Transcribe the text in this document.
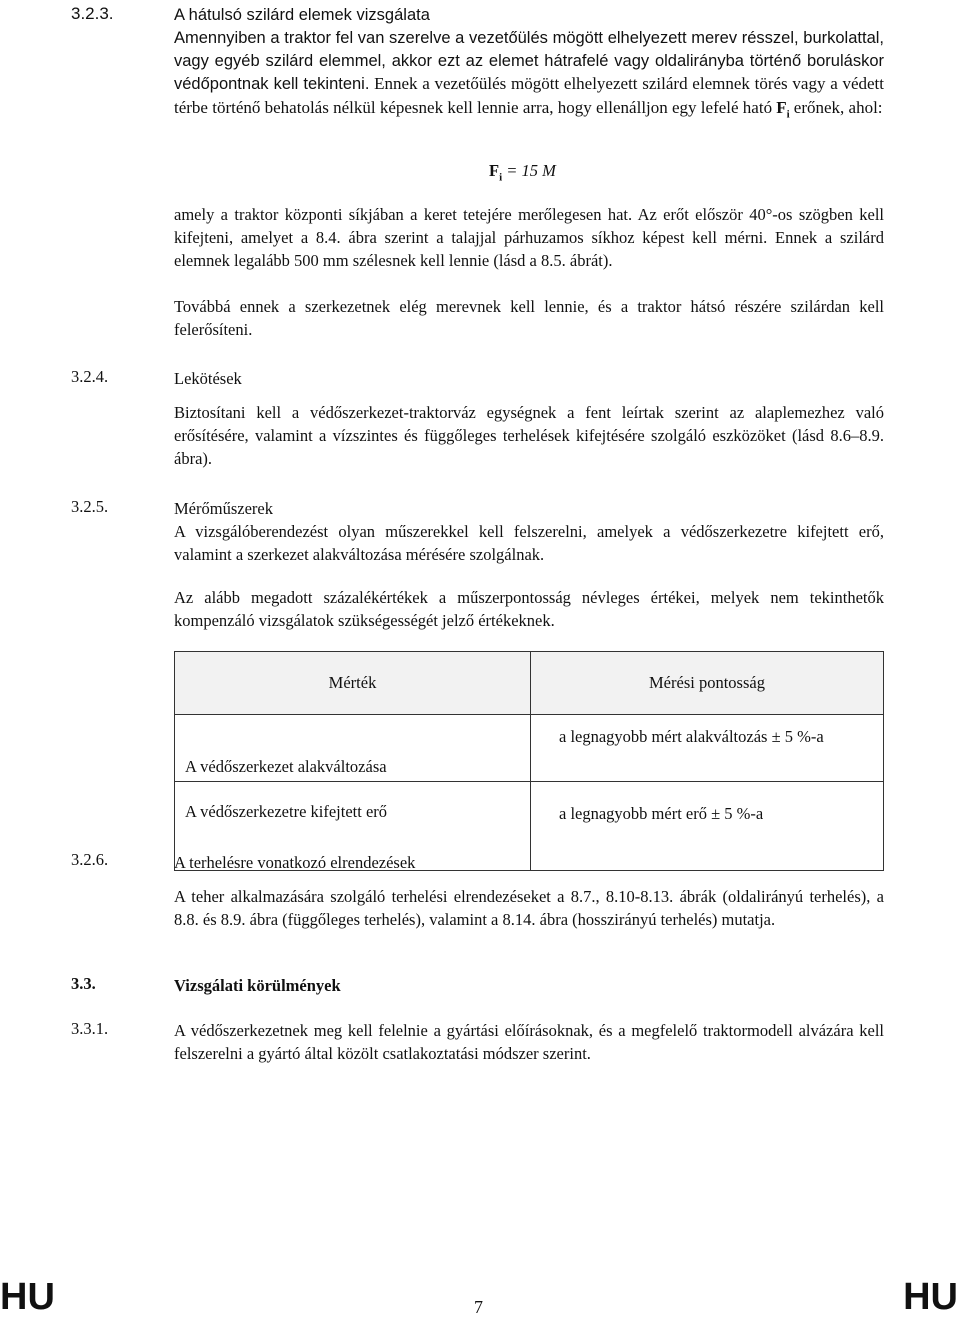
3.2.3.	A hátulsó szilárd elemek vizsgálata
Amennyiben a traktor fel van szerelve a vezetőülés mögött elhelyezett merev résszel, burkolattal, vagy egyéb szilárd elemmel, akkor ezt az elemet hátrafelé vagy oldalirányba történő boruláskor védőpontnak kell tekinteni. Ennek a vezetőülés mögött elhelyezett szilárd elemnek törés vagy a védett térbe történő behatolás nélkül képesnek kell lennie arra, hogy ellenálljon egy lefelé ható $F_i$ erőnek, ahol:
$F_i = 15$ M

amely a traktor központi síkjában a keret tetejére merőlegesen hat. Az erőt először 40°-os szögben kell kifejteni, amelyet a 8.4. ábra szerint a talajjal párhuzamos síkhoz képest kell mérni. Ennek a szilárd elemnek legalább 500 mm szélesnek kell lennie (lásd a 8.5. ábrát).

Továbbá ennek a szerkezetnek elég merevnek kell lennie, és a traktor hátsó részére szilárdan kell felerősíteni.

3.2.4.	Lekötések

Biztosítani kell a védőszerkezet-traktorváz egységnek a fent leírtak szerint az alaplemezhez való erősítésére, valamint a vízszintes és függőleges terhelések kifejtésére szolgáló eszközöket (lásd 8.6–8.9. ábra).

3.2.5.	Mérőműszerek

A vizsgálóberendezést olyan műszerekkel kell felszerelni, amelyek a védőszerkezetre kifejtett erő, valamint a szerkezet alakváltozása mérésére szolgálnak.

Az alább megadott százalékértékek a műszerpontosság névleges értékei, melyek nem tekinthetők kompenzáló vizsgálatok szükségességét jelző értékeknek.

Mérték	Mérési pontosság
A védőszerkezet alakváltozása	a legnagyobb mért alakváltozás ± 5 %-a
A védőszerkezetre kifejtett erő	a legnagyobb mért erő ± 5 %-a
3.2.6.	A terhelésre vonatkozó elrendezések

A teher alkalmazására szolgáló terhelési elrendezéseket a 8.7., 8.10-8.13. ábrák (oldalirányú terhelés), a 8.8. és 8.9. ábra (függőleges terhelés), valamint a 8.14. ábra (hosszirányú terhelés) mutatja.

3.3.	Vizsgálati körülmények
3.3.1.	A védőszerkezetnek meg kell felelnie a gyártási előírásoknak, és a megfelelő traktormodell alvázára kell felszerelni a gyártó által közölt csatlakoztatási módszer szerint.

HU	7	HU
